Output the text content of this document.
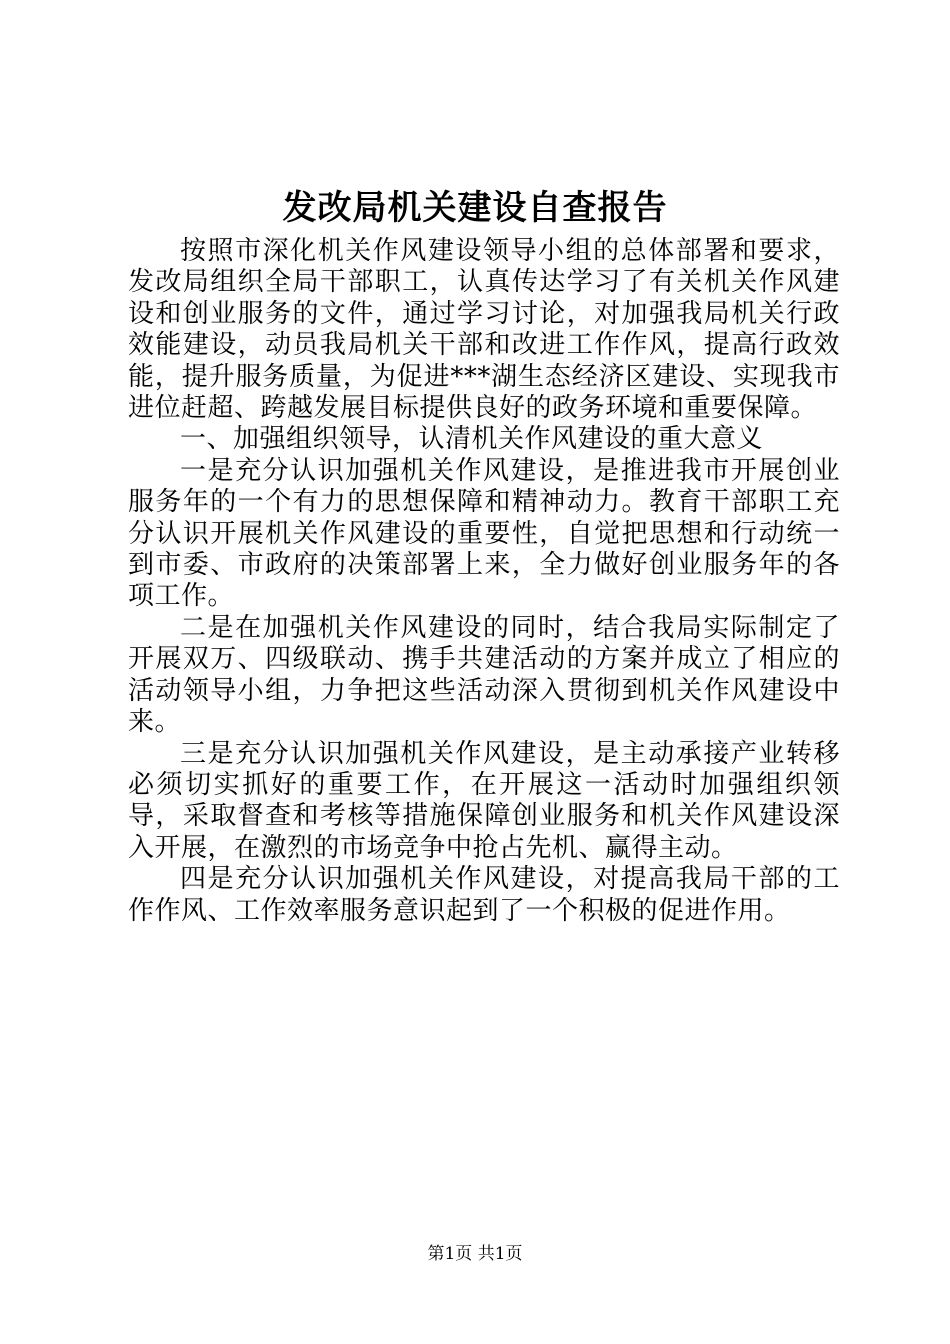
发改局机关建设自查报告

按照市深化机关作风建设领导小组的总体部署和要求，发改局组织全局干部职工，认真传达学习了有关机关作风建设和创业服务的文件，通过学习讨论，对加强我局机关行政效能建设，动员我局机关干部和改进工作作风，提高行政效能，提升服务质量，为促进***湖生态经济区建设、实现我市进位赶超、跨越发展目标提供良好的政务环境和重要保障。

一、加强组织领导，认清机关作风建设的重大意义

一是充分认识加强机关作风建设，是推进我市开展创业服务年的一个有力的思想保障和精神动力。教育干部职工充分认识开展机关作风建设的重要性，自觉把思想和行动统一到市委、市政府的决策部署上来，全力做好创业服务年的各项工作。

二是在加强机关作风建设的同时，结合我局实际制定了开展双万、四级联动、携手共建活动的方案并成立了相应的活动领导小组，力争把这些活动深入贯彻到机关作风建设中来。

三是充分认识加强机关作风建设，是主动承接产业转移必须切实抓好的重要工作，在开展这一活动时加强组织领导，采取督查和考核等措施保障创业服务和机关作风建设深入开展，在激烈的市场竞争中抢占先机、赢得主动。

四是充分认识加强机关作风建设，对提高我局干部的工作作风、工作效率服务意识起到了一个积极的促进作用。

第1页 共1页
